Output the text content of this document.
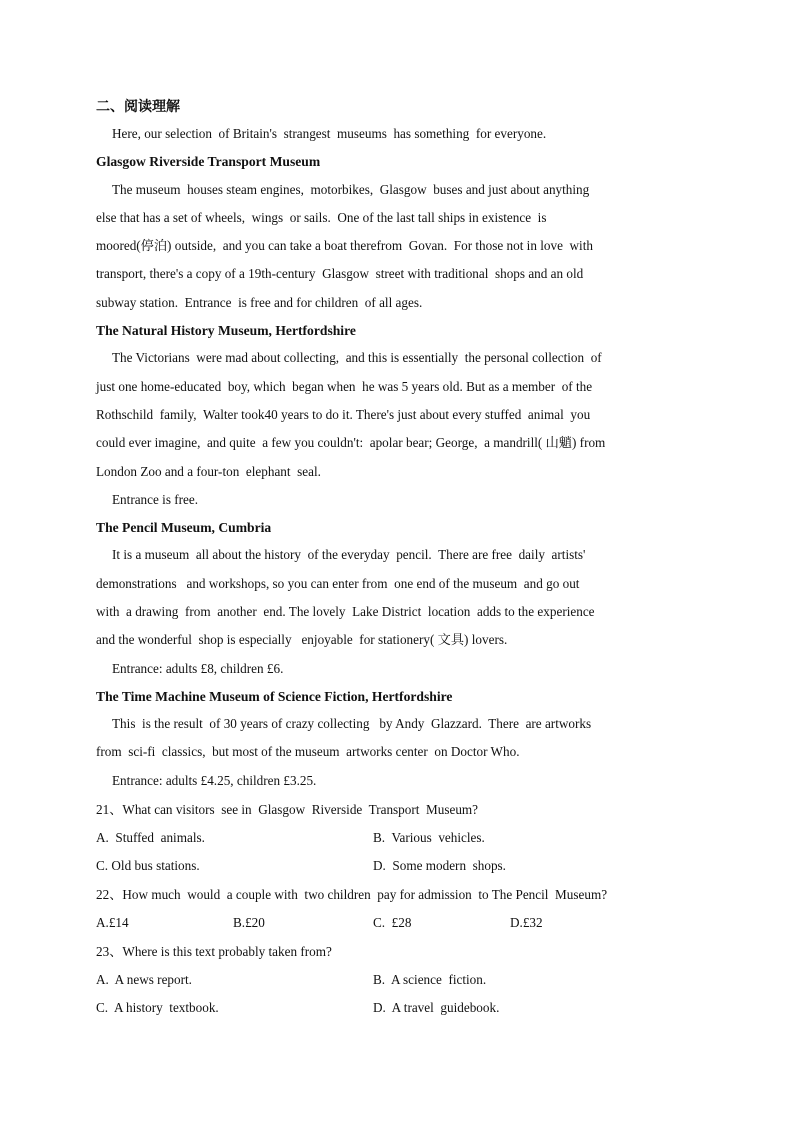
二、阅读理解

Here, our selection  of Britain's  strangest  museums  has something  for everyone.

Glasgow Riverside Transport Museum

The museum  houses steam engines,  motorbikes,  Glasgow  buses and just about anything
else that has a set of wheels,  wings  or sails.  One of the last tall ships in existence  is
moored(停泊) outside,  and you can take a boat therefrom  Govan.  For those not in love  with
transport, there's a copy of a 19th-century  Glasgow  street with traditional  shops and an old
subway station.  Entrance  is free and for children  of all ages.

The Natural History Museum, Hertfordshire

The Victorians  were mad about collecting,  and this is essentially  the personal collection  of
just one home-educated  boy, which  began when  he was 5 years old. But as a member  of the
Rothschild  family,  Walter took40 years to do it. There's just about every stuffed  animal  you
could ever imagine,  and quite  a few you couldn't:  apolar bear; George,  a mandrill( 山魈) from
London Zoo and a four-ton  elephant  seal.

Entrance is free.

The Pencil Museum, Cumbria

It is a museum  all about the history  of the everyday  pencil.  There are free  daily  artists'
demonstrations   and workshops, so you can enter from  one end of the museum  and go out
with  a drawing  from  another  end. The lovely  Lake District  location  adds to the experience
and the wonderful  shop is especially   enjoyable  for stationery( 文具) lovers.

Entrance: adults £8, children £6.

The Time Machine Museum of Science Fiction, Hertfordshire

This  is the result  of 30 years of crazy collecting   by Andy  Glazzard.  There  are artworks
from  sci-fi  classics,  but most of the museum  artworks center  on Doctor Who.

Entrance: adults £4.25, children £3.25.

21、What can visitors  see in  Glasgow  Riverside  Transport  Museum?
A.  Stuffed  animals.	B.  Various  vehicles.
C. Old bus stations.	D.  Some modern  shops.
22、How much  would  a couple with  two children  pay for admission  to The Pencil  Museum?
A.£14	B.£20	C.  £28	D.£32
23、Where is this text probably taken from?
A.  A news report.	B.  A science  fiction.
C.  A history  textbook.	D.  A travel  guidebook.
